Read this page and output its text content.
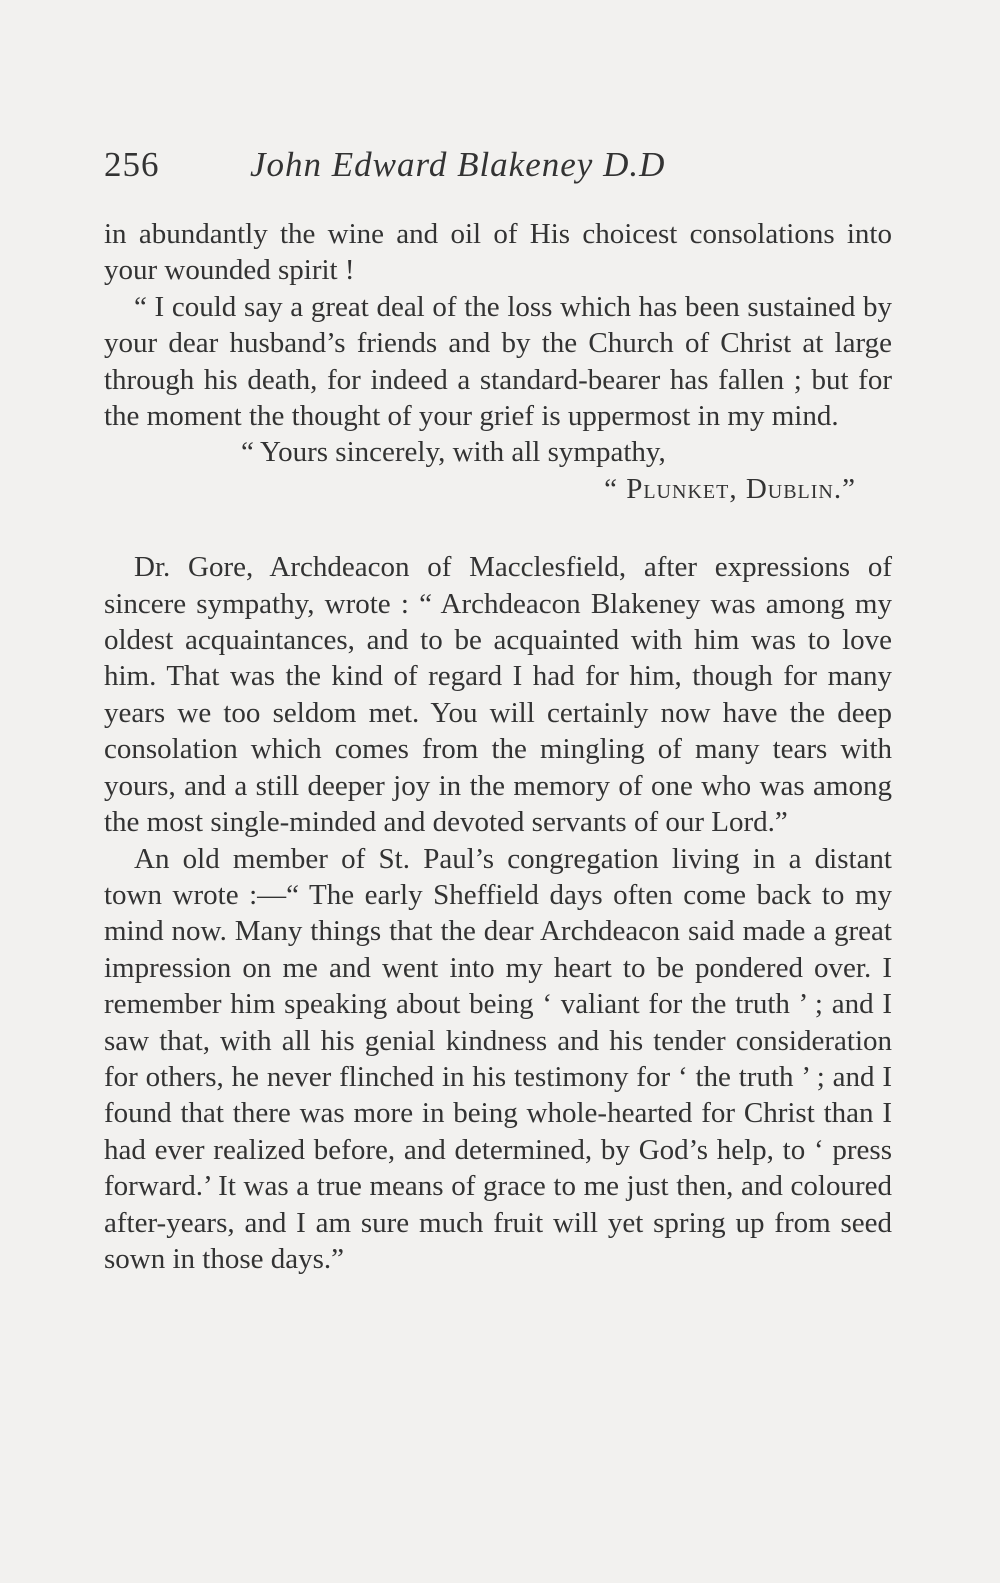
256	John Edward Blakeney D.D

in abundantly the wine and oil of His choicest consolations into your wounded spirit !

“ I could say a great deal of the loss which has been sustained by your dear husband’s friends and by the Church of Christ at large through his death, for indeed a standard-bearer has fallen ; but for the moment the thought of your grief is uppermost in my mind.

“ Yours sincerely, with all sympathy,

“ Plunket, Dublin.”

Dr. Gore, Archdeacon of Macclesfield, after expressions of sincere sympathy, wrote : “ Archdeacon Blakeney was among my oldest acquaintances, and to be acquainted with him was to love him. That was the kind of regard I had for him, though for many years we too seldom met. You will certainly now have the deep consolation which comes from the mingling of many tears with yours, and a still deeper joy in the memory of one who was among the most single-minded and devoted servants of our Lord.”

An old member of St. Paul’s congregation living in a distant town wrote :—“ The early Sheffield days often come back to my mind now. Many things that the dear Archdeacon said made a great impression on me and went into my heart to be pondered over. I remember him speaking about being ‘ valiant for the truth ’ ; and I saw that, with all his genial kindness and his tender consideration for others, he never flinched in his testimony for ‘ the truth ’ ; and I found that there was more in being whole-hearted for Christ than I had ever realized before, and determined, by God’s help, to ‘ press forward.’ It was a true means of grace to me just then, and coloured after-years, and I am sure much fruit will yet spring up from seed sown in those days.”
